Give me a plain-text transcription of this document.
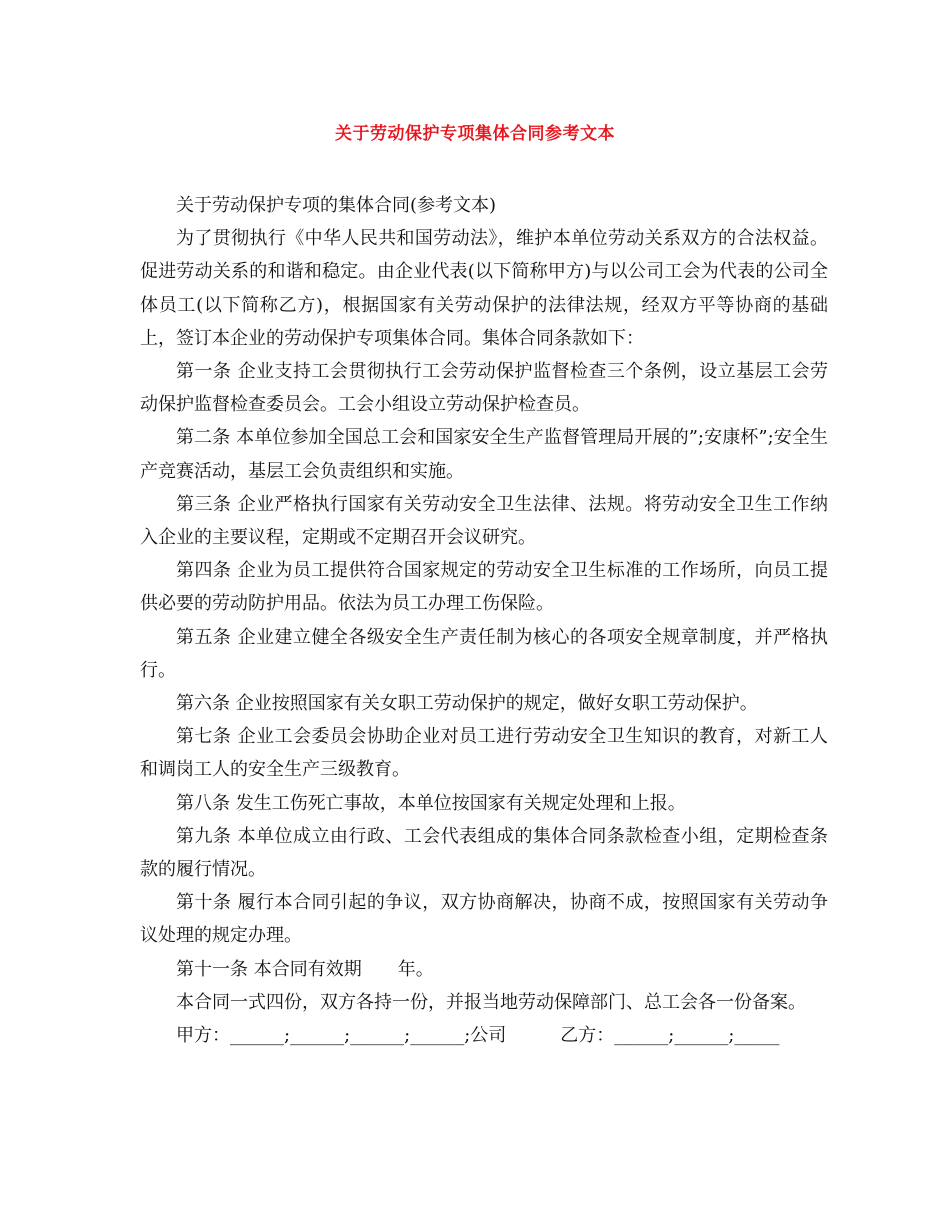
关于劳动保护专项集体合同参考文本

关于劳动保护专项的集体合同(参考文本)

为了贯彻执行《中华人民共和国劳动法》，维护本单位劳动关系双方的合法权益。促进劳动关系的和谐和稳定。由企业代表(以下简称甲方)与以公司工会为代表的公司全体员工(以下简称乙方)，根据国家有关劳动保护的法律法规，经双方平等协商的基础上，签订本企业的劳动保护专项集体合同。集体合同条款如下：

第一条 企业支持工会贯彻执行工会劳动保护监督检查三个条例，设立基层工会劳动保护监督检查委员会。工会小组设立劳动保护检查员。

第二条 本单位参加全国总工会和国家安全生产监督管理局开展的”;安康杯”;安全生产竞赛活动，基层工会负责组织和实施。

第三条 企业严格执行国家有关劳动安全卫生法律、法规。将劳动安全卫生工作纳入企业的主要议程，定期或不定期召开会议研究。

第四条 企业为员工提供符合国家规定的劳动安全卫生标准的工作场所，向员工提供必要的劳动防护用品。依法为员工办理工伤保险。

第五条 企业建立健全各级安全生产责任制为核心的各项安全规章制度，并严格执行。

第六条 企业按照国家有关女职工劳动保护的规定，做好女职工劳动保护。

第七条 企业工会委员会协助企业对员工进行劳动安全卫生知识的教育，对新工人和调岗工人的安全生产三级教育。

第八条 发生工伤死亡事故，本单位按国家有关规定处理和上报。

第九条 本单位成立由行政、工会代表组成的集体合同条款检查小组，定期检查条款的履行情况。

第十条 履行本合同引起的争议，双方协商解决，协商不成，按照国家有关劳动争议处理的规定办理。

第十一条 本合同有效期　　年。

本合同一式四份，双方各持一份，并报当地劳动保障部门、总工会各一份备案。

甲方：______;______;______;______;公司　　　乙方：______;______;_____
